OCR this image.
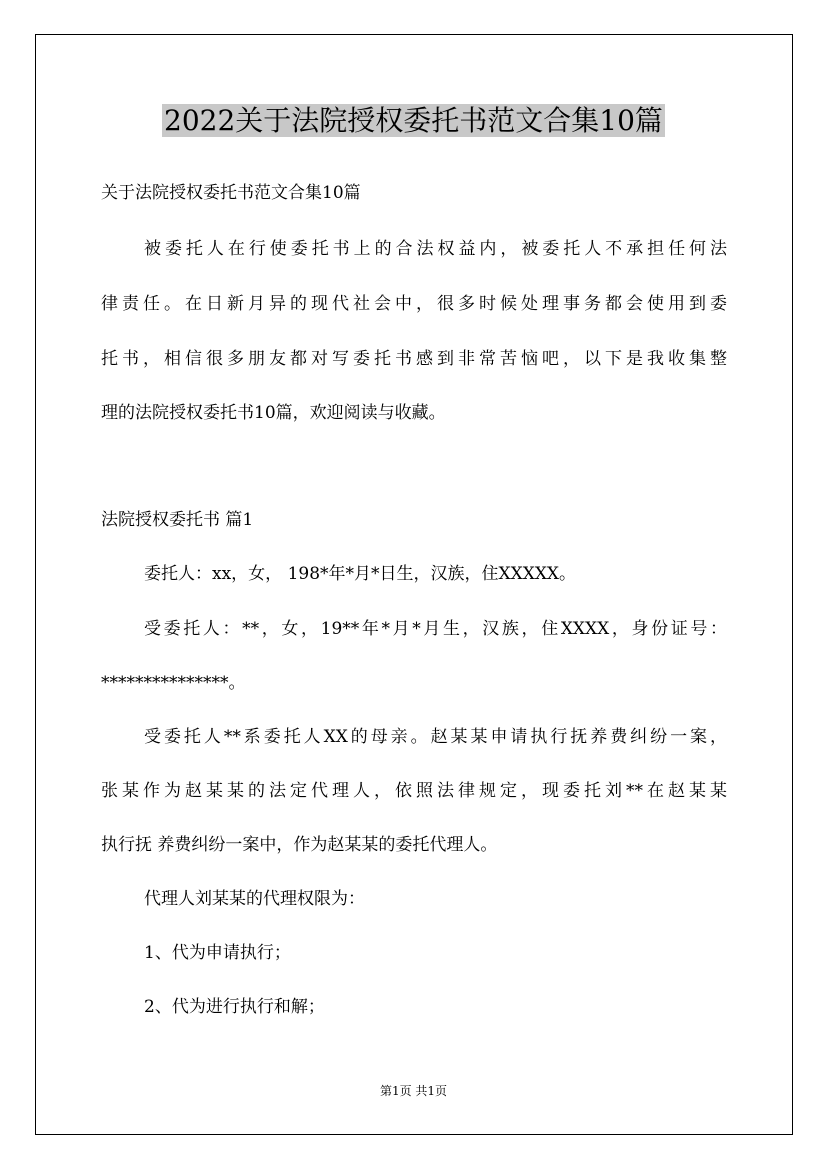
2022关于法院授权委托书范文合集10篇
关于法院授权委托书范文合集10篇
被委托人在行使委托书上的合法权益内，被委托人不承担任何法
律责任。在日新月异的现代社会中，很多时候处理事务都会使用到委
托书，相信很多朋友都对写委托书感到非常苦恼吧，以下是我收集整
理的法院授权委托书10篇，欢迎阅读与收藏。
法院授权委托书 篇1
委托人：xx，女， 198*年*月*日生，汉族，住XXXXX。
受委托人：**，女，19**年*月*月生，汉族，住XXXX，身份证号：
***************。
受委托人**系委托人XX的母亲。赵某某申请执行抚养费纠纷一案，
张某作为赵某某的法定代理人，依照法律规定，现委托刘**在赵某某
执行抚 养费纠纷一案中，作为赵某某的委托代理人。
代理人刘某某的代理权限为：
1、代为申请执行；
2、代为进行执行和解；
第1页 共1页
